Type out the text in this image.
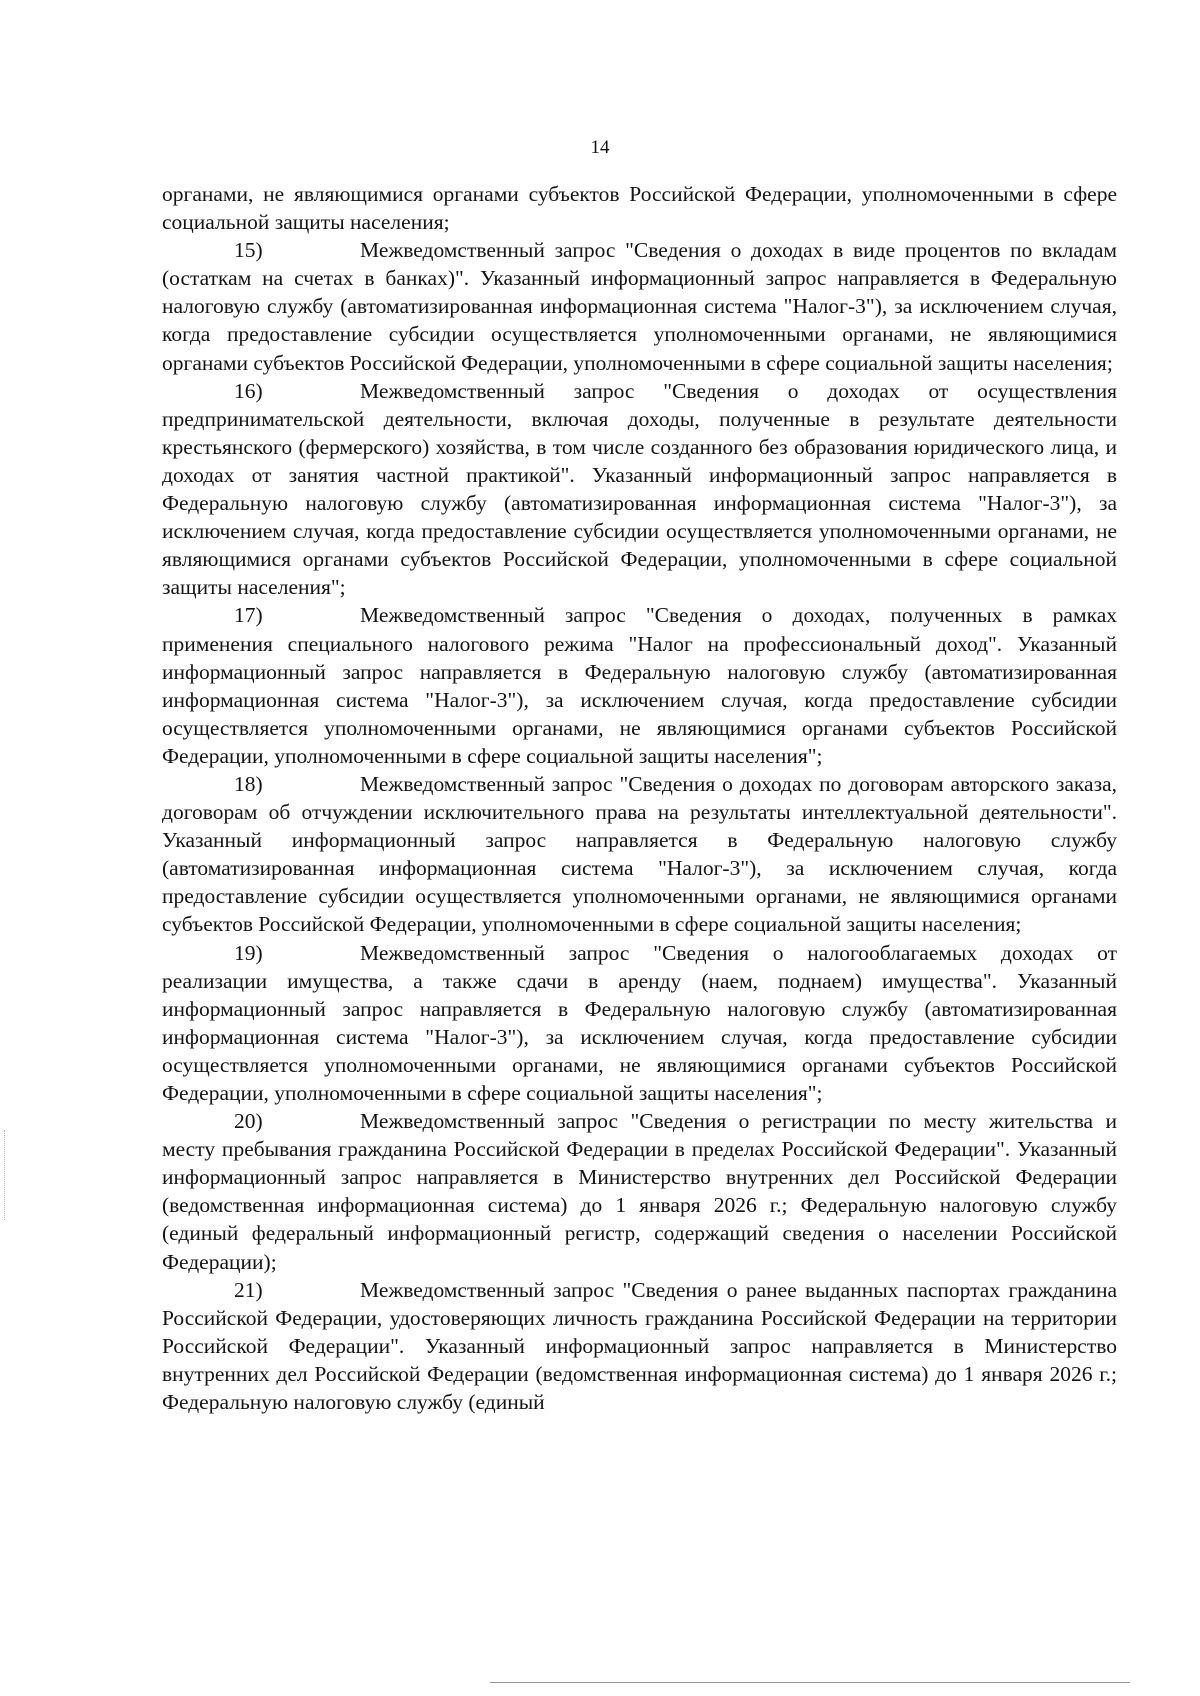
14

органами, не являющимися органами субъектов Российской Федерации, уполномоченными в сфере социальной защиты населения;

15)	Межведомственный запрос "Сведения о доходах в виде процентов по вкладам (остаткам на счетах в банках)". Указанный информационный запрос направляется в Федеральную налоговую службу (автоматизированная информационная система "Налог-3"), за исключением случая, когда предоставление субсидии осуществляется уполномоченными органами, не являющимися органами субъектов Российской Федерации, уполномоченными в сфере социальной защиты населения;

16)	Межведомственный запрос "Сведения о доходах от осуществления предпринимательской деятельности, включая доходы, полученные в результате деятельности крестьянского (фермерского) хозяйства, в том числе созданного без образования юридического лица, и доходах от занятия частной практикой". Указанный информационный запрос направляется в Федеральную налоговую службу (автоматизированная информационная система "Налог-3"), за исключением случая, когда предоставление субсидии осуществляется уполномоченными органами, не являющимися органами субъектов Российской Федерации, уполномоченными в сфере социальной защиты населения";

17)	Межведомственный запрос "Сведения о доходах, полученных в рамках применения специального налогового режима "Налог на профессиональный доход". Указанный информационный запрос направляется в Федеральную налоговую службу (автоматизированная информационная система "Налог-3"), за исключением случая, когда предоставление субсидии осуществляется уполномоченными органами, не являющимися органами субъектов Российской Федерации, уполномоченными в сфере социальной защиты населения";

18)	Межведомственный запрос "Сведения о доходах по договорам авторского заказа, договорам об отчуждении исключительного права на результаты интеллектуальной деятельности". Указанный информационный запрос направляется в Федеральную налоговую службу (автоматизированная информационная система "Налог-3"), за исключением случая, когда предоставление субсидии осуществляется уполномоченными органами, не являющимися органами субъектов Российской Федерации, уполномоченными в сфере социальной защиты населения;

19)	Межведомственный запрос "Сведения о налогооблагаемых доходах от реализации имущества, а также сдачи в аренду (наем, поднаем) имущества". Указанный информационный запрос направляется в Федеральную налоговую службу (автоматизированная информационная система "Налог-3"), за исключением случая, когда предоставление субсидии осуществляется уполномоченными органами, не являющимися органами субъектов Российской Федерации, уполномоченными в сфере социальной защиты населения";

20)	Межведомственный запрос "Сведения о регистрации по месту жительства и месту пребывания гражданина Российской Федерации в пределах Российской Федерации". Указанный информационный запрос направляется в Министерство внутренних дел Российской Федерации (ведомственная информационная система) до 1 января 2026 г.; Федеральную налоговую службу (единый федеральный информационный регистр, содержащий сведения о населении Российской Федерации);

21)	Межведомственный запрос "Сведения о ранее выданных паспортах гражданина Российской Федерации, удостоверяющих личность гражданина Российской Федерации на территории Российской Федерации". Указанный информационный запрос направляется в Министерство внутренних дел Российской Федерации (ведомственная информационная система) до 1 января 2026 г.; Федеральную налоговую службу (единый
